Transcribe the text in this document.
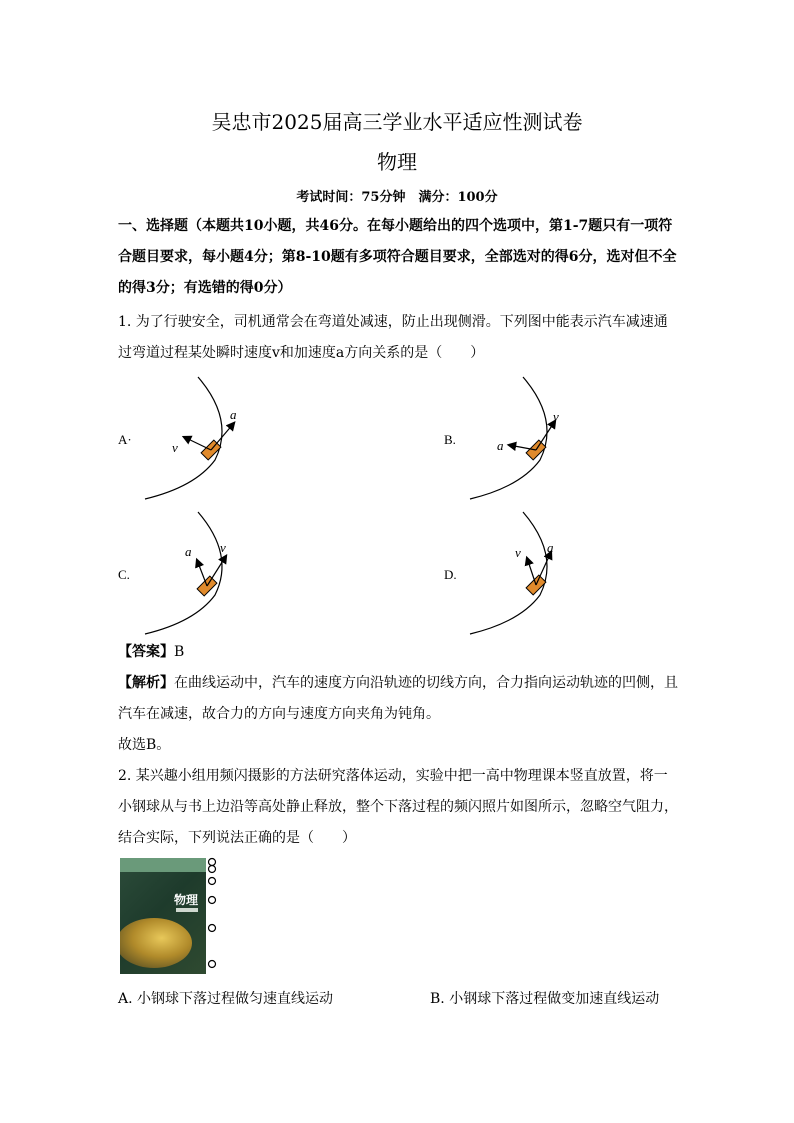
吴忠市2025届高三学业水平适应性测试卷
物理
考试时间：75分钟　满分：100分
一、选择题（本题共10小题，共46分。在每小题给出的四个选项中，第1-7题只有一项符合题目要求，每小题4分；第8-10题有多项符合题目要求，全部选对的得6分，选对但不全的得3分；有选错的得0分）
1. 为了行驶安全，司机通常会在弯道处减速，防止出现侧滑。下列图中能表示汽车减速通过弯道过程某处瞬时速度v和加速度a方向关系的是（　　）
A·
a
v
B.
v
a
C.
a v
D.
v a
【答案】B
【解析】在曲线运动中，汽车的速度方向沿轨迹的切线方向，合力指向运动轨迹的凹侧，且汽车在减速，故合力的方向与速度方向夹角为钝角。
故选B。
2. 某兴趣小组用频闪摄影的方法研究落体运动，实验中把一高中物理课本竖直放置，将一小钢球从与书上边沿等高处静止释放，整个下落过程的频闪照片如图所示，忽略空气阻力，结合实际，下列说法正确的是（　　）
物理
A. 小钢球下落过程做匀速直线运动	B. 小钢球下落过程做变加速直线运动
